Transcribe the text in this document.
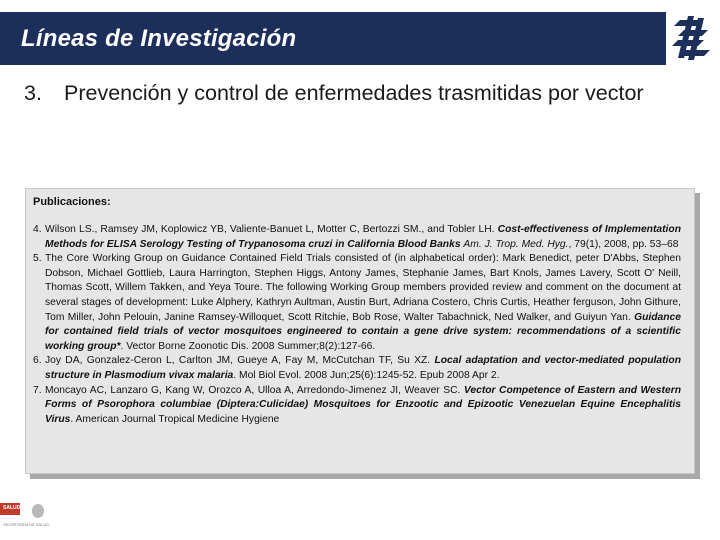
Líneas de Investigación
3. Prevención y control de enfermedades trasmitidas por vector
Publicaciones:
4. Wilson LS., Ramsey JM, Koplowicz YB, Valiente-Banuet L, Motter C, Bertozzi SM., and Tobler LH. Cost-effectiveness of Implementation Methods for ELISA Serology Testing of Trypanosoma cruzi in California Blood Banks Am. J. Trop. Med. Hyg., 79(1), 2008, pp. 53–68
5. The Core Working Group on Guidance Contained Field Trials consisted of (in alphabetical order): Mark Benedict, peter D'Abbs, Stephen Dobson, Michael Gottlieb, Laura Harrington, Stephen Higgs, Antony James, Stephanie James, Bart Knols, James Lavery, Scott O' Neill, Thomas Scott, Willem Takken, and Yeya Toure. The following Working Group members provided review and comment on the document at several stages of development: Luke Alphery, Kathryn Aultman, Austin Burt, Adriana Costero, Chris Curtis, Heather ferguson, John Githure, Tom Miller, John Pelouin, Janine Ramsey-Willoquet, Scott Ritchie, Bob Rose, Walter Tabachnick, Ned Walker, and Guiyun Yan. Guidance for contained field trials of vector mosquitoes engineered to contain a gene drive system: recommendations of a scientific working group*. Vector Borne Zoonotic Dis. 2008 Summer;8(2):127-66.
6. Joy DA, Gonzalez-Ceron L, Carlton JM, Gueye A, Fay M, McCutchan TF, Su XZ. Local adaptation and vector-mediated population structure in Plasmodium vivax malaria. Mol Biol Evol. 2008 Jun;25(6):1245-52. Epub 2008 Apr 2.
7. Moncayo AC, Lanzaro G, Kang W, Orozco A, Ulloa A, Arredondo-Jimenez JI, Weaver SC. Vector Competence of Eastern and Western Forms of Psorophora columbiae (Diptera:Culicidae) Mosquitoes for Enzootic and Epizootic Venezuelan Equine Encephalitis Virus. American Journal Tropical Medicine Hygiene
SALUD
SECRETARÍA DE SALUD
